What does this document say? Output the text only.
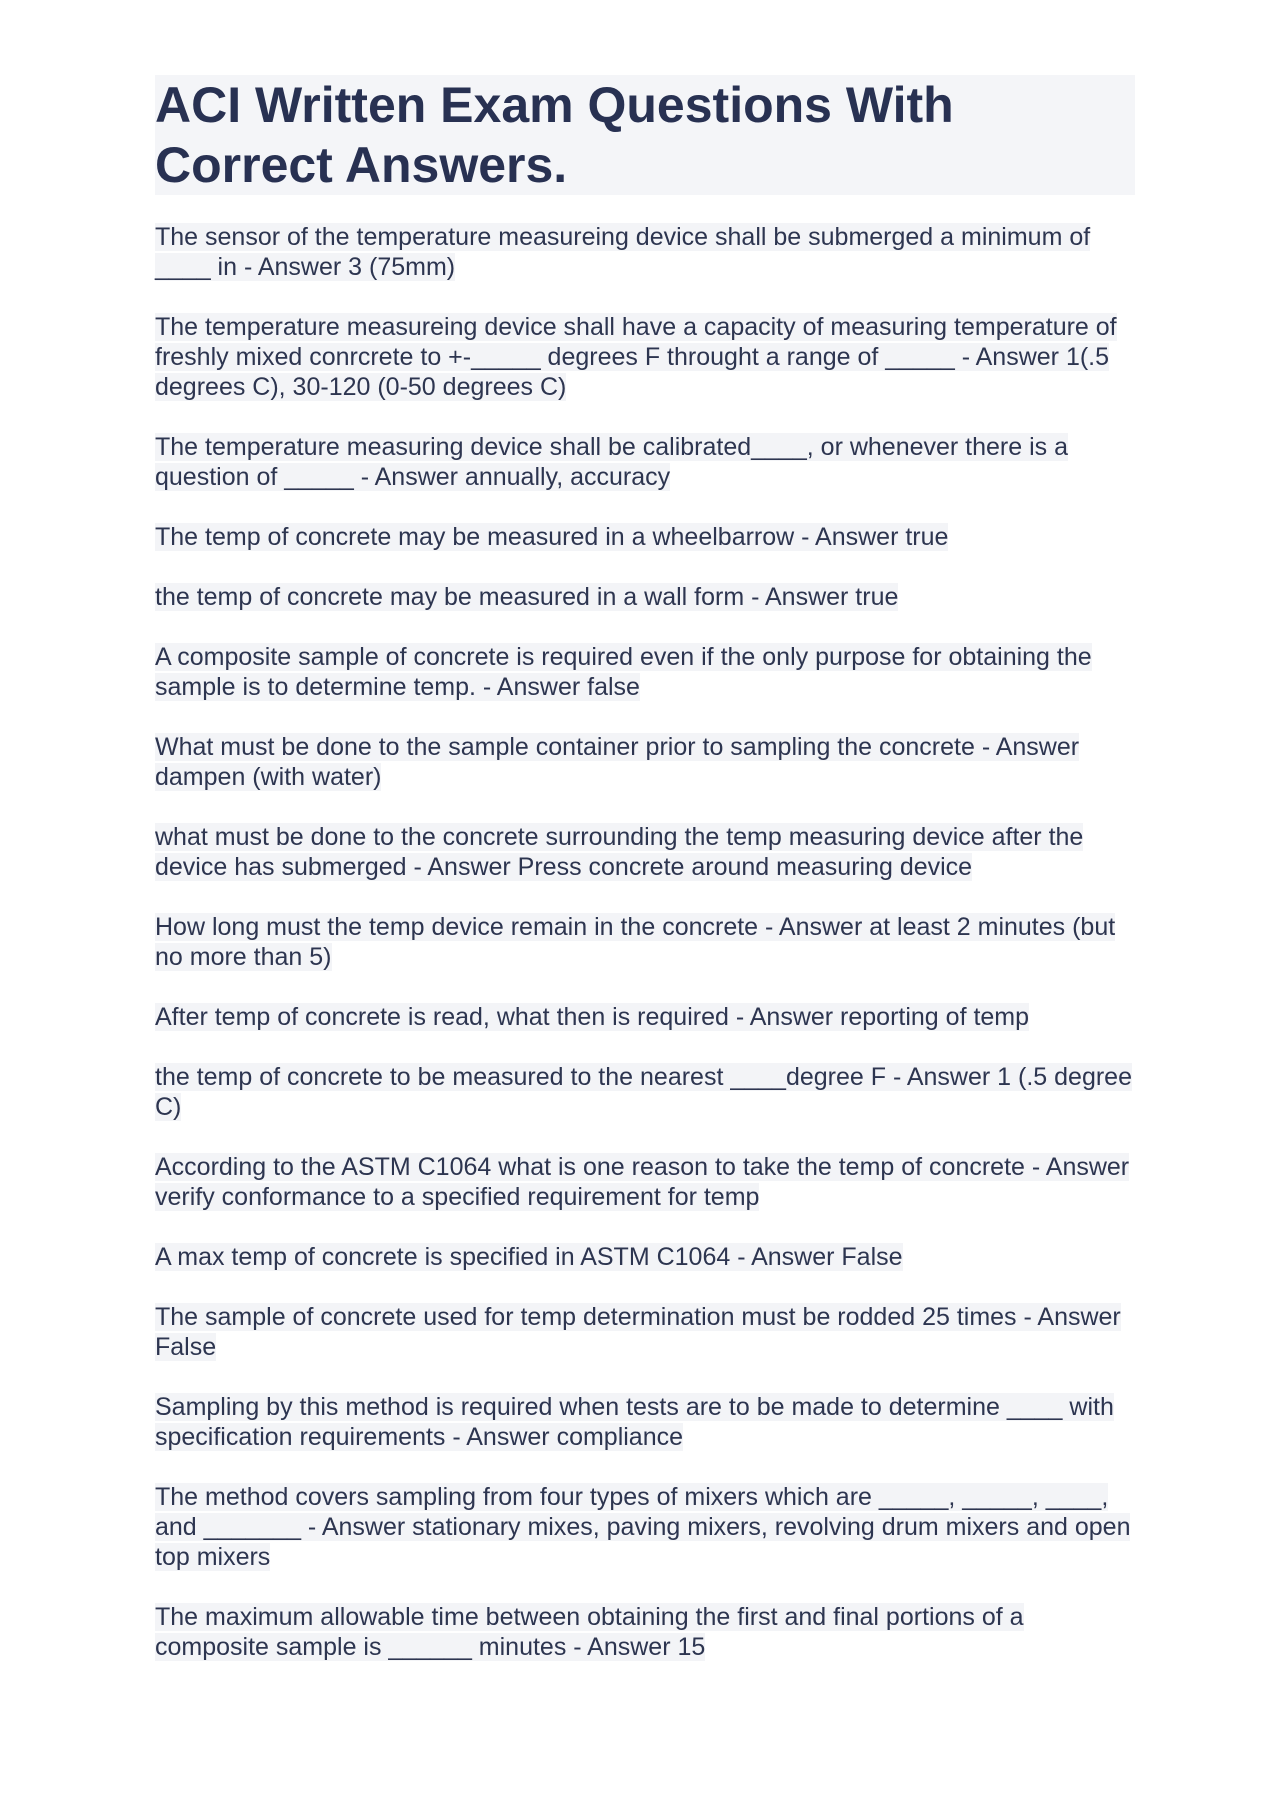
ACI Written Exam Questions With Correct Answers.

The sensor of the temperature measureing device shall be submerged a minimum of ____ in - Answer 3 (75mm)

The temperature measureing device shall have a capacity of measuring temperature of freshly mixed conrcrete to +-_____ degrees F throught a range of _____ - Answer 1(.5 degrees C), 30-120 (0-50 degrees C)

The temperature measuring device shall be calibrated____, or whenever there is a question of _____ - Answer annually, accuracy

The temp of concrete may be measured in a wheelbarrow - Answer true

the temp of concrete may be measured in a wall form - Answer true

A composite sample of concrete is required even if the only purpose for obtaining the sample is to determine temp. - Answer false

What must be done to the sample container prior to sampling the concrete - Answer dampen (with water)

what must be done to the concrete surrounding the temp measuring device after the device has submerged - Answer Press concrete around measuring device

How long must the temp device remain in the concrete - Answer at least 2 minutes (but no more than 5)

After temp of concrete is read, what then is required - Answer reporting of temp

the temp of concrete to be measured to the nearest ____degree F - Answer 1 (.5 degree C)

According to the ASTM C1064 what is one reason to take the temp of concrete - Answer verify conformance to a specified requirement for temp

A max temp of concrete is specified in ASTM C1064 - Answer False

The sample of concrete used for temp determination must be rodded 25 times - Answer False

Sampling by this method is required when tests are to be made to determine ____ with specification requirements - Answer compliance

The method covers sampling from four types of mixers which are _____, _____, ____, and _______ - Answer stationary mixes, paving mixers, revolving drum mixers and open top mixers

The maximum allowable time between obtaining the first and final portions of a composite sample is ______ minutes - Answer 15
